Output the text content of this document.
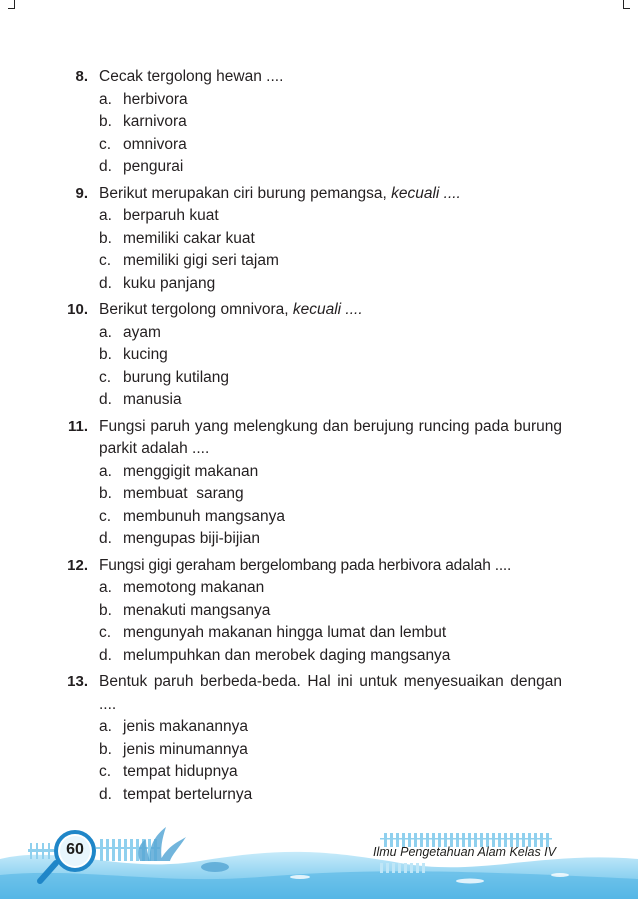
8. Cecak tergolong hewan ....
a. herbivora
b. karnivora
c. omnivora
d. pengurai
9. Berikut merupakan ciri burung pemangsa, kecuali ....
a. berparuh kuat
b. memiliki cakar kuat
c. memiliki gigi seri tajam
d. kuku panjang
10. Berikut tergolong omnivora, kecuali ....
a. ayam
b. kucing
c. burung kutilang
d. manusia
11. Fungsi paruh yang melengkung dan berujung runcing pada burung parkit adalah ....
a. menggigit makanan
b. membuat  sarang
c. membunuh mangsanya
d. mengupas biji-bijian
12. Fungsi gigi geraham bergelombang pada herbivora adalah ....
a. memotong makanan
b. menakuti mangsanya
c. mengunyah makanan hingga lumat dan lembut
d. melumpuhkan dan merobek daging mangsanya
13. Bentuk paruh berbeda-beda. Hal ini untuk menyesuaikan dengan ....
a. jenis makanannya
b. jenis minumannya
c. tempat hidupnya
d. tempat bertelurnya
60	Ilmu Pengetahuan Alam Kelas IV
